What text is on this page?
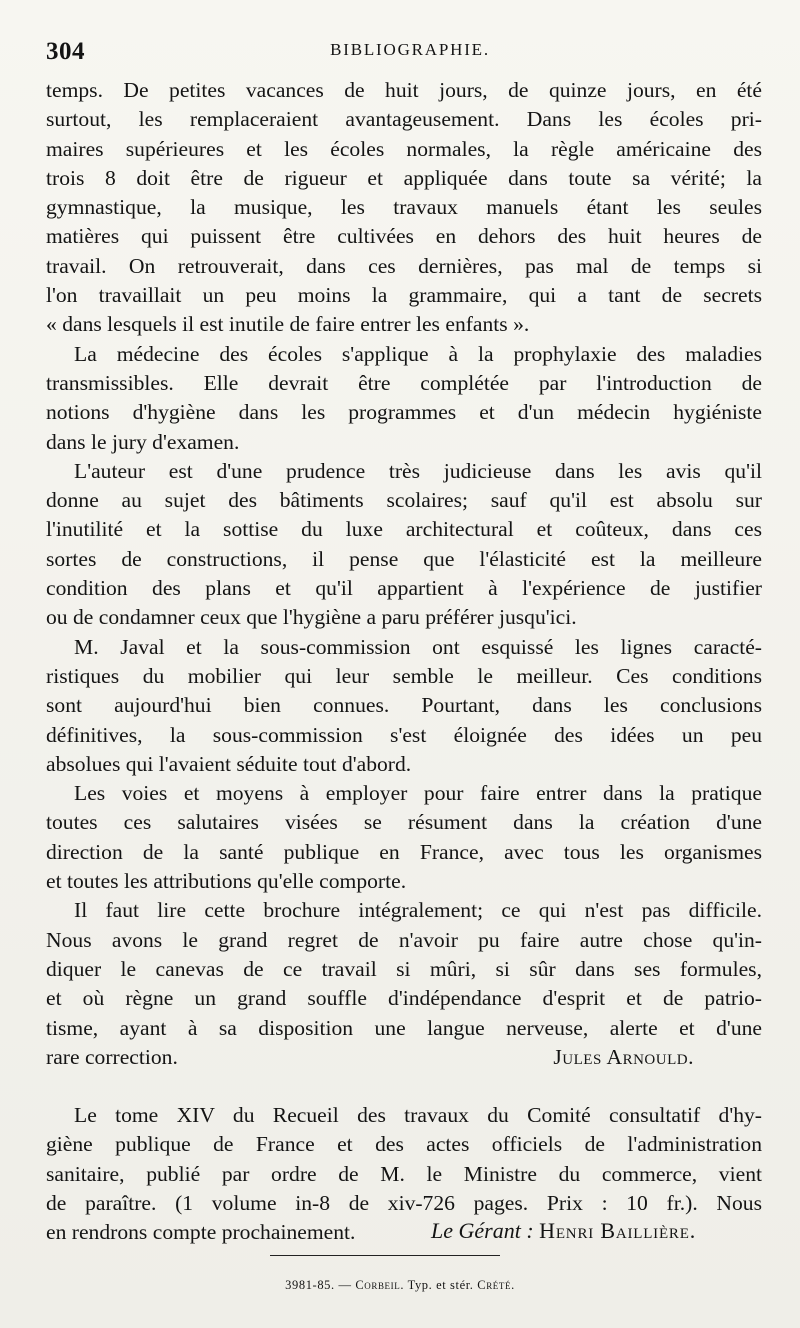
304	BIBLIOGRAPHIE.
temps. De petites vacances de huit jours, de quinze jours, en été
surtout, les remplaceraient avantageusement. Dans les écoles pri-
maires supérieures et les écoles normales, la règle américaine des
trois 8 doit être de rigueur et appliquée dans toute sa vérité; la
gymnastique, la musique, les travaux manuels étant les seules
matières qui puissent être cultivées en dehors des huit heures de
travail. On retrouverait, dans ces dernières, pas mal de temps si
l'on travaillait un peu moins la grammaire, qui a tant de secrets
« dans lesquels il est inutile de faire entrer les enfants ».
La médecine des écoles s'applique à la prophylaxie des maladies
transmissibles. Elle devrait être complétée par l'introduction de
notions d'hygiène dans les programmes et d'un médecin hygiéniste
dans le jury d'examen.
L'auteur est d'une prudence très judicieuse dans les avis qu'il
donne au sujet des bâtiments scolaires; sauf qu'il est absolu sur
l'inutilité et la sottise du luxe architectural et coûteux, dans ces
sortes de constructions, il pense que l'élasticité est la meilleure
condition des plans et qu'il appartient à l'expérience de justifier
ou de condamner ceux que l'hygiène a paru préférer jusqu'ici.
M. Javal et la sous-commission ont esquissé les lignes caracté-
ristiques du mobilier qui leur semble le meilleur. Ces conditions
sont aujourd'hui bien connues. Pourtant, dans les conclusions
définitives, la sous-commission s'est éloignée des idées un peu
absolues qui l'avaient séduite tout d'abord.
Les voies et moyens à employer pour faire entrer dans la pratique
toutes ces salutaires visées se résument dans la création d'une
direction de la santé publique en France, avec tous les organismes
et toutes les attributions qu'elle comporte.
Il faut lire cette brochure intégralement; ce qui n'est pas difficile.
Nous avons le grand regret de n'avoir pu faire autre chose qu'in-
diquer le canevas de ce travail si mûri, si sûr dans ses formules,
et où règne un grand souffle d'indépendance d'esprit et de patrio-
tisme, ayant à sa disposition une langue nerveuse, alerte et d'une
rare correction.	Jules Arnould.
Le tome XIV du Recueil des travaux du Comité consultatif d'hy-
giène publique de France et des actes officiels de l'administration
sanitaire, publié par ordre de M. le Ministre du commerce, vient
de paraître. (1 volume in-8 de xiv-726 pages. Prix : 10 fr.). Nous
en rendrons compte prochainement.	Le Gérant : Henri Baillière.
3981-85. — Corbeil. Typ. et stér. Crété.
